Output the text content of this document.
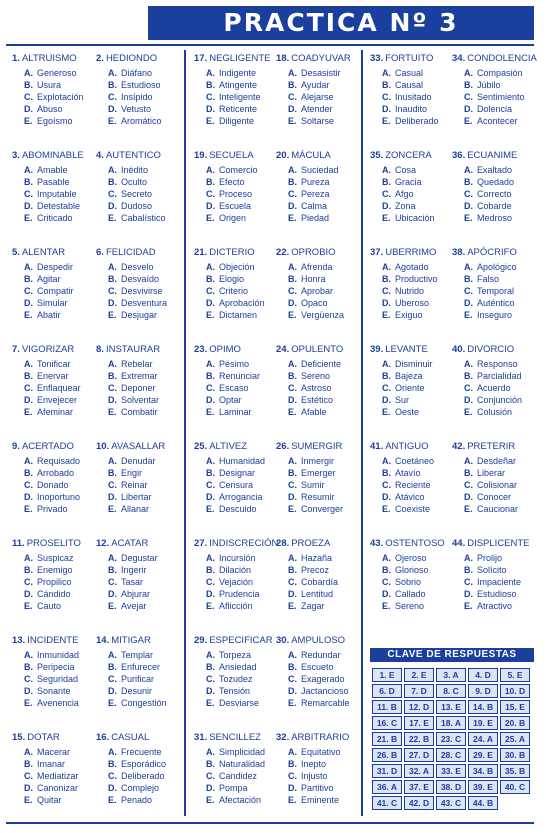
PRACTICA Nº 3
1. ALTRUISMO
A. Generoso
B. Usura
C. Explotación
D. Abuso
E. Egoísmo
2. HEDIONDO
A. Diáfano
B. Estudioso
C. Insípido
D. Vetusto
E. Aromático
17. NEGLIGENTE
A. Indigente
B. Atingente
C. Inteligente
D. Reticente
E. Diligente
18. COADYUVAR
A. Desasistir
B. Ayudar
C. Alejarse
D. Atender
E. Soltarse
33. FORTUITO
A. Casual
B. Causal
C. Inusitado
D. Inaudito
E. Deliberado
34. CONDOLENCIA
A. Compasión
B. Júbilo
C. Sentimiento
D. Dolencia
E. Acontecer
3. ABOMINABLE
A. Amable
B. Pasable
C. Imputable
D. Detestable
E. Criticado
4. AUTENTICO
A. Inédito
B. Oculto
C. Secreto
D. Dudoso
E. Cabalístico
19. SECUELA
A. Comercio
B. Efecto
C. Proceso
D. Escuela
E. Origen
20. MÁCULA
A. Suciedad
B. Pureza
C. Pereza
D. Calma
E. Piedad
35. ZONCERA
A. Cosa
B. Gracia
C. Afgo
D. Zona
E. Ubicación
36. ECUANIME
A. Exaltado
B. Quedado
C. Correcto
D. Cobarde
E. Medroso
5. ALENTAR
A. Despedir
B. Agitar
C. Compatir
D. Simular
E. Abatir
6. FELICIDAD
A. Desvelo
B. Desvaído
C. Desvivirse
D. Desventura
E. Desjugar
21. DICTERIO
A. Objeción
B. Elogio
C. Criterio
D. Aprobación
E. Dictamen
22. OPROBIO
A. Afrenda
B. Honra
C. Aprobar
D. Opaco
E. Vergüenza
37. UBERRIMO
A. Agotado
B. Productivo
C. Nutrido
D. Uberoso
E. Exiguo
38. APÓCRIFO
A. Apológico
B. Falso
C. Temporal
D. Auténtico
E. Inseguro
7. VIGORIZAR
A. Tonificar
B. Enervar
C. Enflaquear
D. Envejecer
E. Afeminar
8. INSTAURAR
A. Rebelar
B. Extremar
C. Deponer
D. Solventar
E. Combatir
23. OPIMO
A. Pésimo
B. Renunciar
C. Escaso
D. Optar
E. Laminar
24. OPULENTO
A. Deficiente
B. Sereno
C. Astroso
D. Estético
E. Afable
39. LEVANTE
A. Disminuir
B. Bajeza
C. Oriente
D. Sur
E. Oeste
40. DIVORCIO
A. Responso
B. Parcialidad
C. Acuerdo
D. Conjunción
E. Colusión
9. ACERTADO
A. Requisado
B. Arrobado
C. Donado
D. Inoportuno
E. Privado
10. AVASALLAR
A. Denudar
B. Erigir
C. Reinar
D. Libertar
E. Allanar
25. ALTIVEZ
A. Humanidad
B. Designar
C. Censura
D. Arrogancia
E. Descuido
26. SUMERGIR
A. Inmergir
B. Emerger
C. Sumir
D. Resumir
E. Converger
41. ANTIGUO
A. Coetáneo
B. Atavío
C. Reciente
D. Atávico
E. Coexiste
42. PRETERIR
A. Desdeñar
B. Liberar
C. Colisionar
D. Conocer
E. Caucionar
11. PROSELITO
A. Suspicaz
B. Enemigo
C. Propilico
D. Cándido
E. Cauto
12. ACATAR
A. Degustar
B. Ingerir
C. Tasar
D. Abjurar
E. Avejar
27. INDISCRECIÓN
A. Incursión
B. Dilación
C. Vejación
D. Prudencia
E. Aflicción
28. PROEZA
A. Hazaña
B. Precoz
C. Cobardía
D. Lentitud
E. Zagar
43. OSTENTOSO
A. Ojeroso
B. Glorioso
C. Sobrio
D. Callado
E. Sereno
44. DISPLICENTE
A. Prolijo
B. Solícito
C. Impaciente
D. Estudioso
E. Atractivo
13. INCIDENTE
A. Inmunidad
B. Peripecia
C. Seguridad
D. Sonante
E. Avenencia
14. MITIGAR
A. Templar
B. Enfurecer
C. Purificar
D. Desunir
E. Congestión
29. ESPECIFICAR
A. Torpeza
B. Ansiedad
C. Tozudez
D. Tensión
E. Desviarse
30. AMPULOSO
A. Redundar
B. Escueto
C. Exagerado
D. Jactancioso
E. Remarcable
15. DOTAR
A. Macerar
B. Imanar
C. Mediatizar
D. Canonizar
E. Quitar
16. CASUAL
A. Frecuente
B. Esporádico
C. Deliberado
D. Complejo
E. Penado
31. SENCILLEZ
A. Simplicidad
B. Naturalidad
C. Candidez
D. Pompa
E. Afectación
32. ARBITRARIO
A. Equitativo
B. Inepto
C. Injusto
D. Partitivo
E. Eminente
CLAVE DE RESPUESTAS
1. E	2. E	3. A	4. D	5. E
6. D	7. D	8. C	9. D	10. D
11. B	12. D	13. E	14. B	15. E
16. C	17. E	18. A	19. E	20. B
21. B	22. B	23. C	24. A	25. A
26. B	27. D	28. C	29. E	30. B
31. D	32. A	33. E	34. B	35. B
36. A	37. E	38. D	39. E	40. C
41. C	42. D	43. C	44. B
